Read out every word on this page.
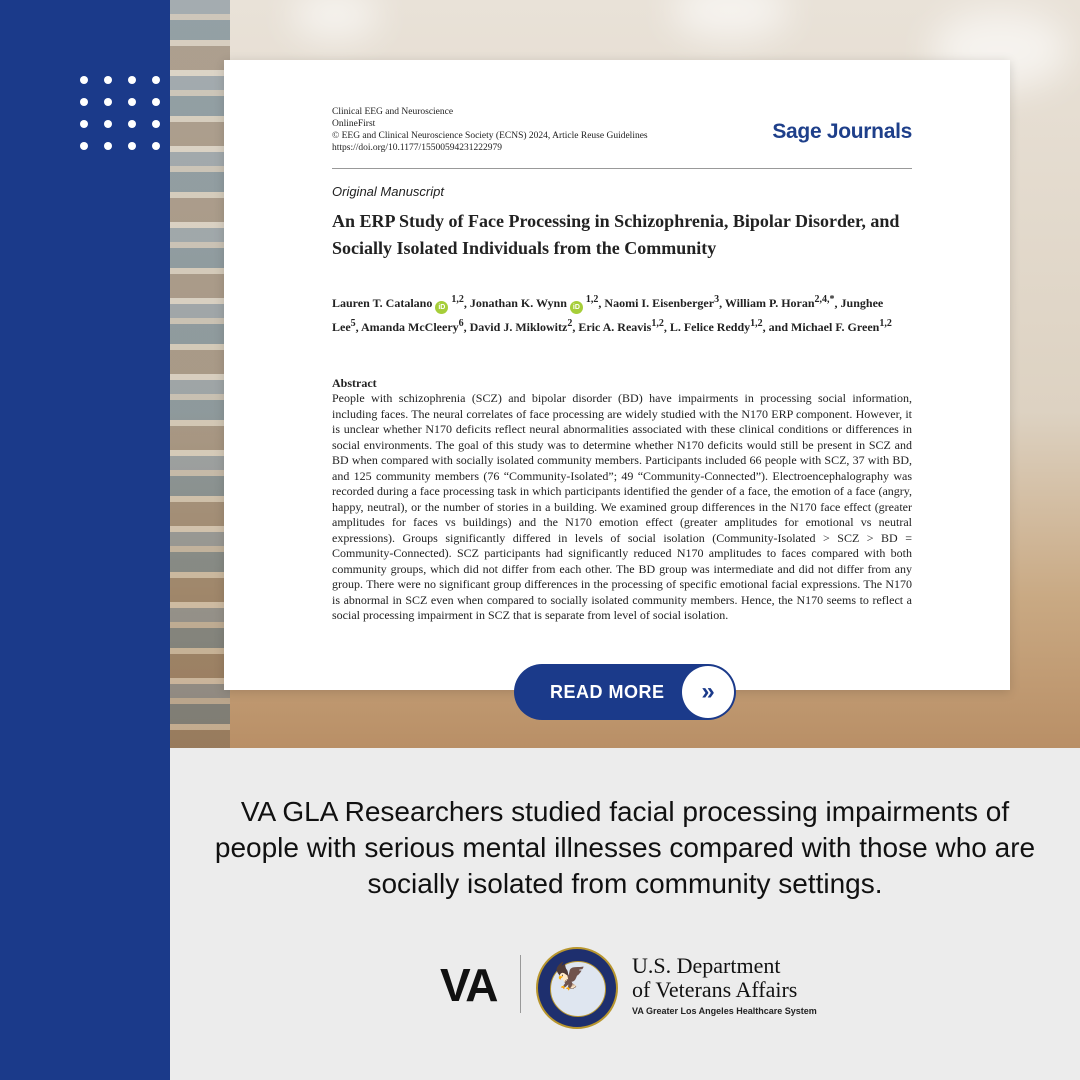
Clinical EEG and Neuroscience
OnlineFirst
© EEG and Clinical Neuroscience Society (ECNS) 2024, Article Reuse Guidelines
https://doi.org/10.1177/15500594231222979
Sage Journals
Original Manuscript
An ERP Study of Face Processing in Schizophrenia, Bipolar Disorder, and Socially Isolated Individuals from the Community
Lauren T. Catalano iD $^{1,2}$, Jonathan K. Wynn iD $^{1,2}$, Naomi I. Eisenberger$^3$, William P. Horan$^{2,4,*}$, Junghee Lee$^5$, Amanda McCleery$^6$, David J. Miklowitz$^2$, Eric A. Reavis$^{1,2}$, L. Felice Reddy$^{1,2}$, and Michael F. Green$^{1,2}$
Abstract
People with schizophrenia (SCZ) and bipolar disorder (BD) have impairments in processing social information, including faces. The neural correlates of face processing are widely studied with the N170 ERP component. However, it is unclear whether N170 deficits reflect neural abnormalities associated with these clinical conditions or differences in social environments. The goal of this study was to determine whether N170 deficits would still be present in SCZ and BD when compared with socially isolated community members. Participants included 66 people with SCZ, 37 with BD, and 125 community members (76 “Community-Isolated”; 49 “Community-Connected”). Electroencephalography was recorded during a face processing task in which participants identified the gender of a face, the emotion of a face (angry, happy, neutral), or the number of stories in a building. We examined group differences in the N170 face effect (greater amplitudes for faces vs buildings) and the N170 emotion effect (greater amplitudes for emotional vs neutral expressions). Groups significantly differed in levels of social isolation (Community-Isolated > SCZ > BD = Community-Connected). SCZ participants had significantly reduced N170 amplitudes to faces compared with both community groups, which did not differ from each other. The BD group was intermediate and did not differ from any group. There were no significant group differences in the processing of specific emotional facial expressions. The N170 is abnormal in SCZ even when compared to socially isolated community members. Hence, the N170 seems to reflect a social processing impairment in SCZ that is separate from level of social isolation.
READ MORE	»
VA GLA Researchers studied facial processing impairments of people with serious mental illnesses compared with those who are socially isolated from community settings.
VA 🦅 U.S. Department
of Veterans Affairs
VA Greater Los Angeles Healthcare System
